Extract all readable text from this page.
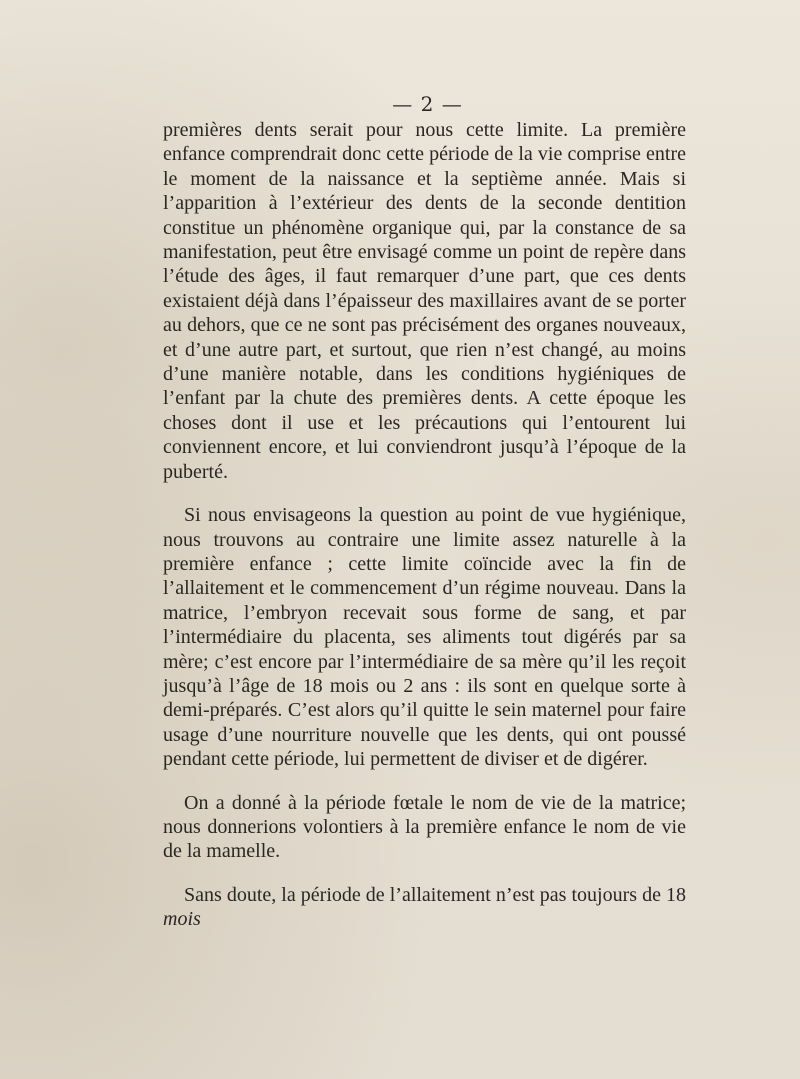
— 2 —

premières dents serait pour nous cette limite. La première enfance comprendrait donc cette période de la vie comprise entre le moment de la naissance et la septième année. Mais si l’apparition à l’extérieur des dents de la seconde dentition constitue un phénomène organique qui, par la constance de sa manifestation, peut être envisagé comme un point de repère dans l’étude des âges, il faut remarquer d’une part, que ces dents existaient déjà dans l’épaisseur des maxillaires avant de se porter au dehors, que ce ne sont pas précisément des organes nouveaux, et d’une autre part, et surtout, que rien n’est changé, au moins d’une manière notable, dans les conditions hygiéniques de l’enfant par la chute des premières dents. A cette époque les choses dont il use et les précautions qui l’entourent lui conviennent encore, et lui conviendront jusqu’à l’époque de la puberté.

Si nous envisageons la question au point de vue hygiénique, nous trouvons au contraire une limite assez naturelle à la première enfance ; cette limite coïncide avec la fin de l’allaitement et le commencement d’un régime nouveau. Dans la matrice, l’embryon recevait sous forme de sang, et par l’intermédiaire du placenta, ses aliments tout digérés par sa mère; c’est encore par l’intermédiaire de sa mère qu’il les reçoit jusqu’à l’âge de 18 mois ou 2 ans : ils sont en quelque sorte à demi-préparés. C’est alors qu’il quitte le sein maternel pour faire usage d’une nourriture nouvelle que les dents, qui ont poussé pendant cette période, lui permettent de diviser et de digérer.

On a donné à la période fœtale le nom de vie de la matrice; nous donnerions volontiers à la première enfance le nom de vie de la mamelle.

Sans doute, la période de l’allaitement n’est pas toujours de 18 mois
